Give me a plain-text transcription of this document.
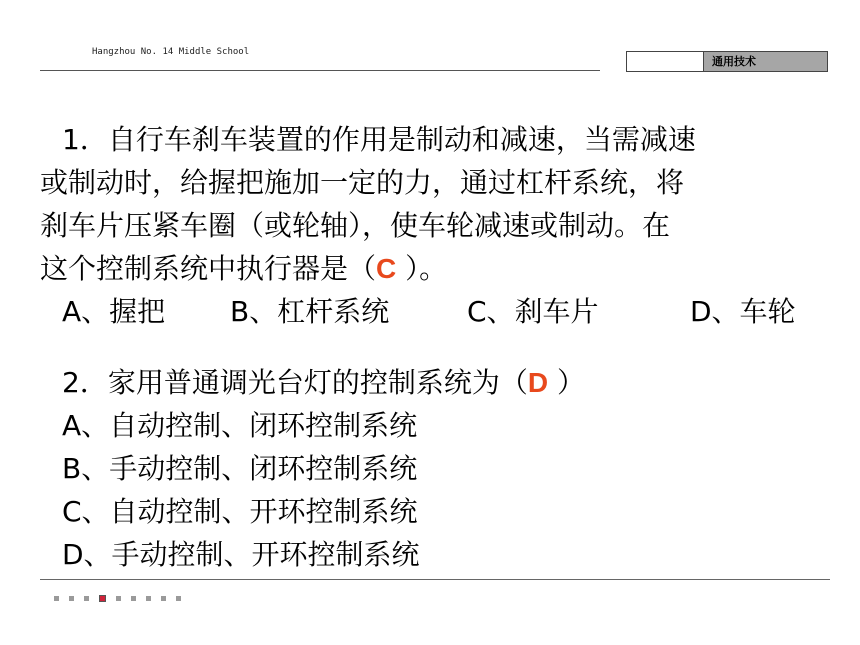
Hangzhou No. 14 Middle School
通用技术

1．自行车刹车装置的作用是制动和减速，当需减速

或制动时，给握把施加一定的力，通过杠杆系统，将

刹车片压紧车圈（或轮轴），使车轮减速或制动。在

这个控制系统中执行器是（C ）。

A、握把 B、杠杆系统	C、刹车片	D、车轮

2．家用普通调光台灯的控制系统为（D ）

A、自动控制、闭环控制系统

B、手动控制、闭环控制系统

C、自动控制、开环控制系统

D、手动控制、开环控制系统
